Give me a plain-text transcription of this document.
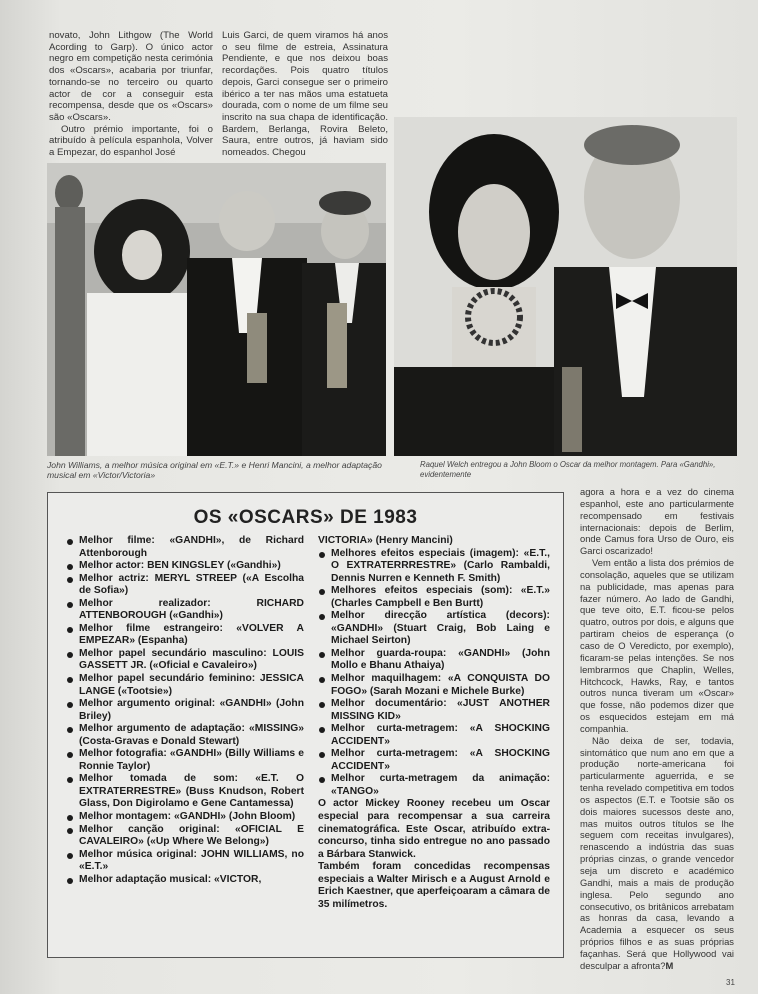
novato, John Lithgow (The World Acording to Garp). O único actor negro em competição nesta cerimónia dos «Oscars», acabaria por triunfar, tornando-se no terceiro ou quarto actor de cor a conseguir esta recompensa, desde que os «Oscars» são «Oscars».

Outro prémio importante, foi o atribuído à película espanhola, Volver a Empezar, do espanhol José

Luis Garci, de quem viramos há anos o seu filme de estreia, Assinatura Pendiente, e que nos deixou boas recordações. Pois quatro títulos depois, Garci consegue ser o primeiro ibérico a ter nas mãos uma estatueta dourada, com o nome de um filme seu inscrito na sua chapa de identificação. Bardem, Berlanga, Rovira Beleto, Saura, entre outros, já haviam sido nomeados. Chegou

John Williams, a melhor música original em «E.T.» e Henri Mancini, a melhor adaptação musical em «Victor/Victoria»
Raquel Welch entregou a John Bloom o Oscar da melhor montagem. Para «Gandhi», evidentemente
OS «OSCARS» DE 1983
Melhor filme: «GANDHI», de Richard Attenborough
Melhor actor: BEN KINGSLEY («Gandhi»)
Melhor actriz: MERYL STREEP («A Escolha de Sofia»)
Melhor realizador: RICHARD ATTENBOROUGH («Gandhi»)
Melhor filme estrangeiro: «VOLVER A EMPEZAR» (Espanha)
Melhor papel secundário masculino: LOUIS GASSETT JR. («Oficial e Cavaleiro»)
Melhor papel secundário feminino: JESSICA LANGE («Tootsie»)
Melhor argumento original: «GANDHI» (John Briley)
Melhor argumento de adaptação: «MISSING» (Costa-Gravas e Donald Stewart)
Melhor fotografia: «GANDHI» (Billy Williams e Ronnie Taylor)
Melhor tomada de som: «E.T. O EXTRATERRESTRE» (Buss Knudson, Robert Glass, Don Digirolamo e Gene Cantamessa)
Melhor montagem: «GANDHI» (John Bloom)
Melhor canção original: «OFICIAL E CAVALEIRO» («Up Where We Belong»)
Melhor música original: JOHN WILLIAMS, no «E.T.»
Melhor adaptação musical: «VICTOR,
VICTORIA» (Henry Mancini)
Melhores efeitos especiais (imagem): «E.T., O EXTRATERRRESTRE» (Carlo Rambaldi, Dennis Nurren e Kenneth F. Smith)
Melhores efeitos especiais (som): «E.T.» (Charles Campbell e Ben Burtt)
Melhor direcção artística (decors): «GANDHI» (Stuart Craig, Bob Laing e Michael Seirton)
Melhor guarda-roupa: «GANDHI» (John Mollo e Bhanu Athaiya)
Melhor maquilhagem: «A CONQUISTA DO FOGO» (Sarah Mozani e Michele Burke)
Melhor documentário: «JUST ANOTHER MISSING KID»
Melhor curta-metragem: «A SHOCKING ACCIDENT»
Melhor curta-metragem: «A SHOCKING ACCIDENT»
Melhor curta-metragem da animação: «TANGO»

O actor Mickey Rooney recebeu um Oscar especial para recompensar a sua carreira cinematográfica. Este Oscar, atribuído extra-concurso, tinha sido entregue no ano passado a Bárbara Stanwick.

Também foram concedidas recompensas especiais a Walter Mirisch e a August Arnold e Erich Kaestner, que aperfeiçoaram a câmara de 35 milímetros.

agora a hora e a vez do cinema espanhol, este ano particularmente recompensado em festivais internacionais: depois de Berlim, onde Camus fora Urso de Ouro, eis Garci oscarizado!

Vem então a lista dos prémios de consolação, aqueles que se utilizam na publicidade, mas apenas para fazer número. Ao lado de Gandhi, que teve oito, E.T. ficou-se pelos quatro, outros por dois, e alguns que partiram cheios de esperança (o caso de O Veredicto, por exemplo), ficaram-se pelas intenções. Se nos lembrarmos que Chaplin, Welles, Hitchcock, Hawks, Ray, e tantos outros nunca tiveram um «Oscar» que fosse, não podemos dizer que os esquecidos estejam em má companhia.

Não deixa de ser, todavia, sintomático que num ano em que a produção norte-americana foi particularmente aguerrida, e se tenha revelado competitiva em todos os aspectos (E.T. e Tootsie são os dois maiores sucessos deste ano, mas muitos outros títulos se lhe seguem com receitas invulgares), renascendo a indústria das suas próprias cinzas, o grande vencedor seja um discreto e académico Gandhi, mais a mais de produção inglesa. Pelo segundo ano consecutivo, os britânicos arrebatam as honras da casa, levando a Academia a esquecer os seus próprios filhos e as suas próprias façanhas. Será que Hollywood vai desculpar a afronta?M

31
